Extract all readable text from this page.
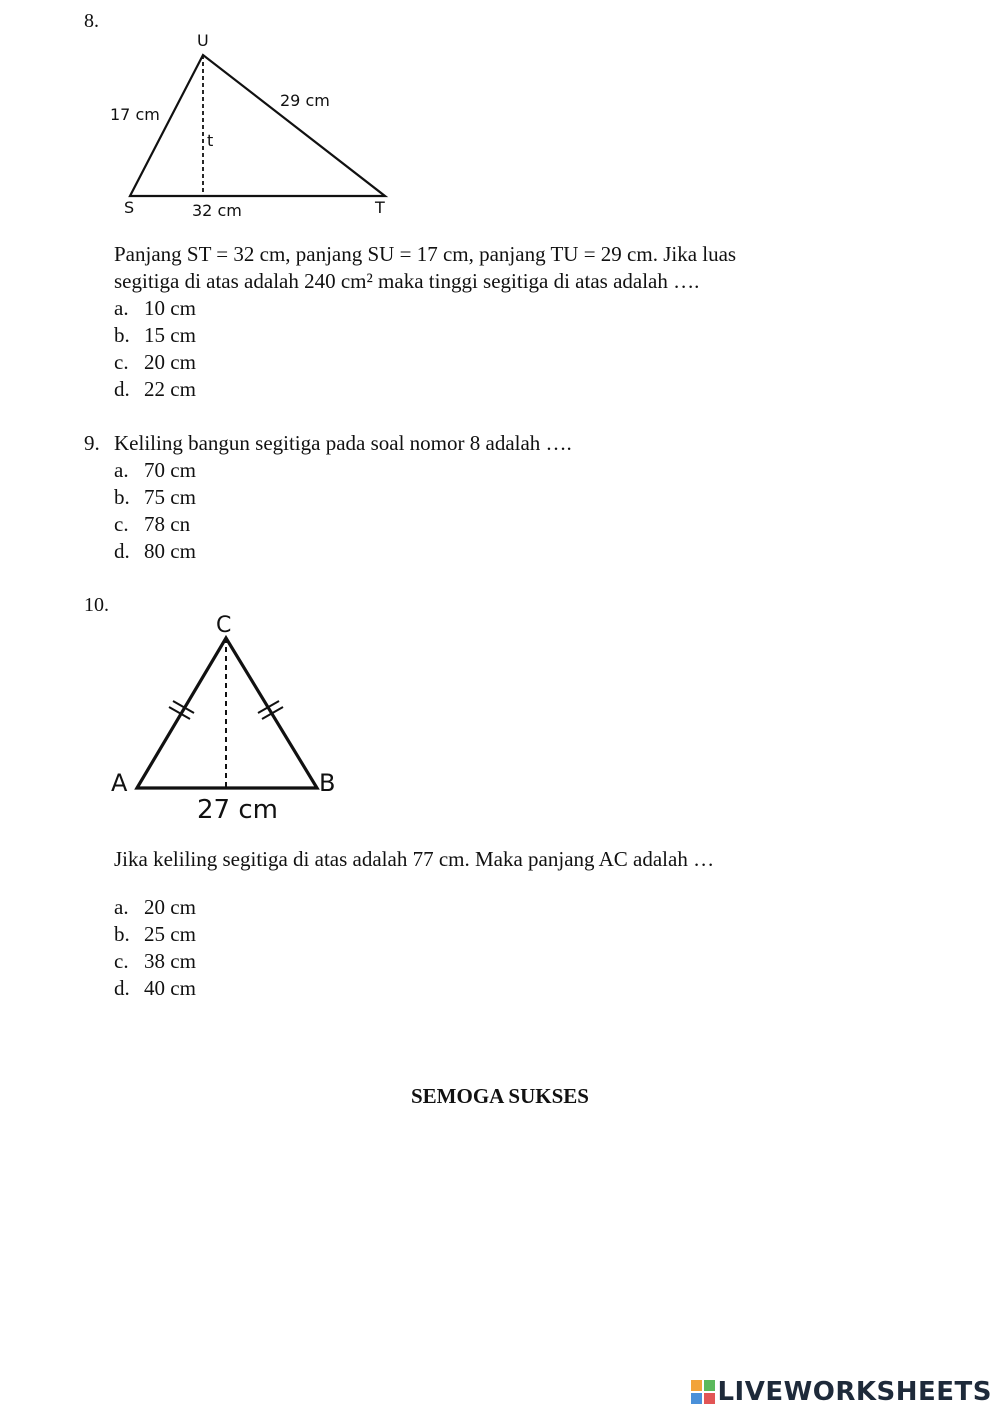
8.
U
S	T
17 cm
29 cm
t
32 cm
Panjang ST = 32 cm, panjang SU = 17 cm, panjang TU = 29 cm. Jika luas
segitiga di atas adalah 240 cm² maka tinggi segitiga di atas adalah ….
a. 10 cm
b. 15 cm
c. 20 cm
d. 22 cm
9. Keliling bangun segitiga pada soal nomor 8 adalah ….
a. 70 cm
b. 75 cm
c. 78 cn
d. 80 cm
10.
C
A	B
27 cm
Jika keliling segitiga di atas adalah 77 cm. Maka panjang AC adalah …
a. 20 cm
b. 25 cm
c. 38 cm
d. 40 cm
SEMOGA SUKSES
LIVEWORKSHEETS
